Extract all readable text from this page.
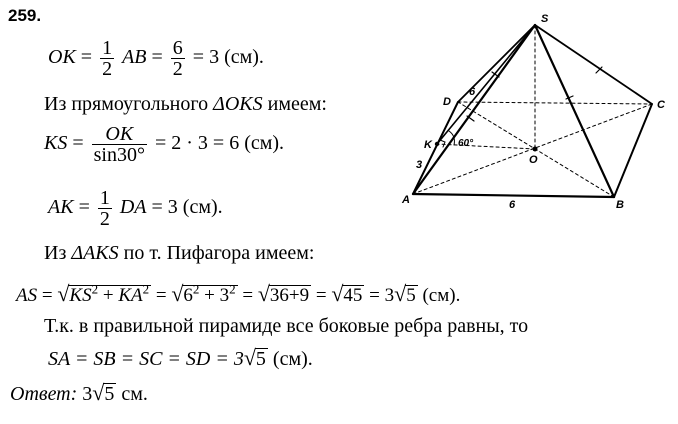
259.
OK = $\frac{1}{2}$ AB = $\frac{6}{2} = 3$ (см).
Из прямоугольного ΔOKS имеем:
KS = $\frac{OK}{\sin 30^\circ} = 2 \cdot 3 = 6$ (см).
AK = $\frac{1}{2}$ DA = 3 (см).
Из ΔAKS по т. Пифагора имеем:
AS = $√KS^2 + KA^2 = √6^2 + 3^2 = √36+9 = √45 = 3√5$ (см).
Т.к. в правильной пирамиде все боковые ребра равны, то
SA = SB = SC = SD = 3√5 (см).
Ответ: 3√5 см.
S
D	C
K
O
A	B
6
6
3
60°
